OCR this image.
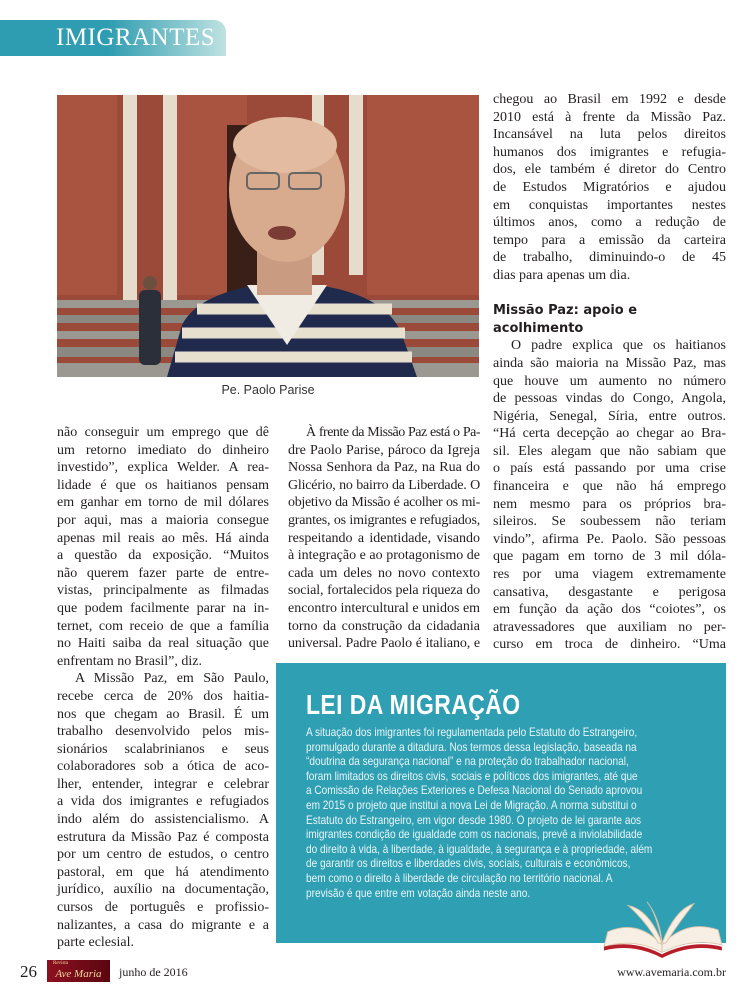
IMIGRANTES
Pe. Paolo Parise
não conseguir um emprego que dê
um retorno imediato do dinheiro
investido”, explica Welder. A rea-
lidade é que os haitianos pensam
em ganhar em torno de mil dólares
por aqui, mas a maioria consegue
apenas mil reais ao mês. Há ainda
a questão da exposição. “Muitos
não querem fazer parte de entre-
vistas, principalmente as filmadas
que podem facilmente parar na in-
ternet, com receio de que a família
no Haiti saiba da real situação que
enfrentam no Brasil”, diz.
A Missão Paz, em São Paulo,
recebe cerca de 20% dos haitia-
nos que chegam ao Brasil. É um
trabalho desenvolvido pelos mis-
sionários scalabrinianos e seus
colaboradores sob a ótica de aco-
lher, entender, integrar e celebrar
a vida dos imigrantes e refugiados
indo além do assistencialismo. A
estrutura da Missão Paz é composta
por um centro de estudos, o centro
pastoral, em que há atendimento
jurídico, auxílio na documentação,
cursos de português e profissio-
nalizantes, a casa do migrante e a
parte eclesial.
À frente da Missão Paz está o Pa-
dre Paolo Parise, pároco da Igreja
Nossa Senhora da Paz, na Rua do
Glicério, no bairro da Liberdade. O
objetivo da Missão é acolher os mi-
grantes, os imigrantes e refugiados,
respeitando a identidade, visando
à integração e ao protagonismo de
cada um deles no novo contexto
social, fortalecidos pela riqueza do
encontro intercultural e unidos em
torno da construção da cidadania
universal. Padre Paolo é italiano, e
chegou ao Brasil em 1992 e desde
2010 está à frente da Missão Paz.
Incansável na luta pelos direitos
humanos dos imigrantes e refugia-
dos, ele também é diretor do Centro
de Estudos Migratórios e ajudou
em conquistas importantes nestes
últimos anos, como a redução de
tempo para a emissão da carteira
de trabalho, diminuindo-o de 45
dias para apenas um dia.
Missão Paz: apoio e
acolhimento
O padre explica que os haitianos
ainda são maioria na Missão Paz, mas
que houve um aumento no número
de pessoas vindas do Congo, Angola,
Nigéria, Senegal, Síria, entre outros.
“Há certa decepção ao chegar ao Bra-
sil. Eles alegam que não sabiam que
o país está passando por uma crise
financeira e que não há emprego
nem mesmo para os próprios bra-
sileiros. Se soubessem não teriam
vindo”, afirma Pe. Paolo. São pessoas
que pagam em torno de 3 mil dóla-
res por uma viagem extremamente
cansativa, desgastante e perigosa
em função da ação dos “coiotes”, os
atravessadores que auxiliam no per-
curso em troca de dinheiro. “Uma
LEI DA MIGRAÇÃO
A situação dos imigrantes foi regulamentada pelo Estatuto do Estrangeiro,
promulgado durante a ditadura. Nos termos dessa legislação, baseada na
“doutrina da segurança nacional” e na proteção do trabalhador nacional,
foram limitados os direitos civis, sociais e políticos dos imigrantes, até que
a Comissão de Relações Exteriores e Defesa Nacional do Senado aprovou
em 2015 o projeto que institui a nova Lei de Migração. A norma substitui o
Estatuto do Estrangeiro, em vigor desde 1980. O projeto de lei garante aos
imigrantes condição de igualdade com os nacionais, prevê a inviolabilidade
do direito à vida, à liberdade, à igualdade, à segurança e à propriedade, além
de garantir os direitos e liberdades civis, sociais, culturais e econômicos,
bem como o direito à liberdade de circulação no território nacional. A
previsão é que entre em votação ainda neste ano.
26	Revista
Ave Maria	junho de 2016	www.avemaria.com.br
